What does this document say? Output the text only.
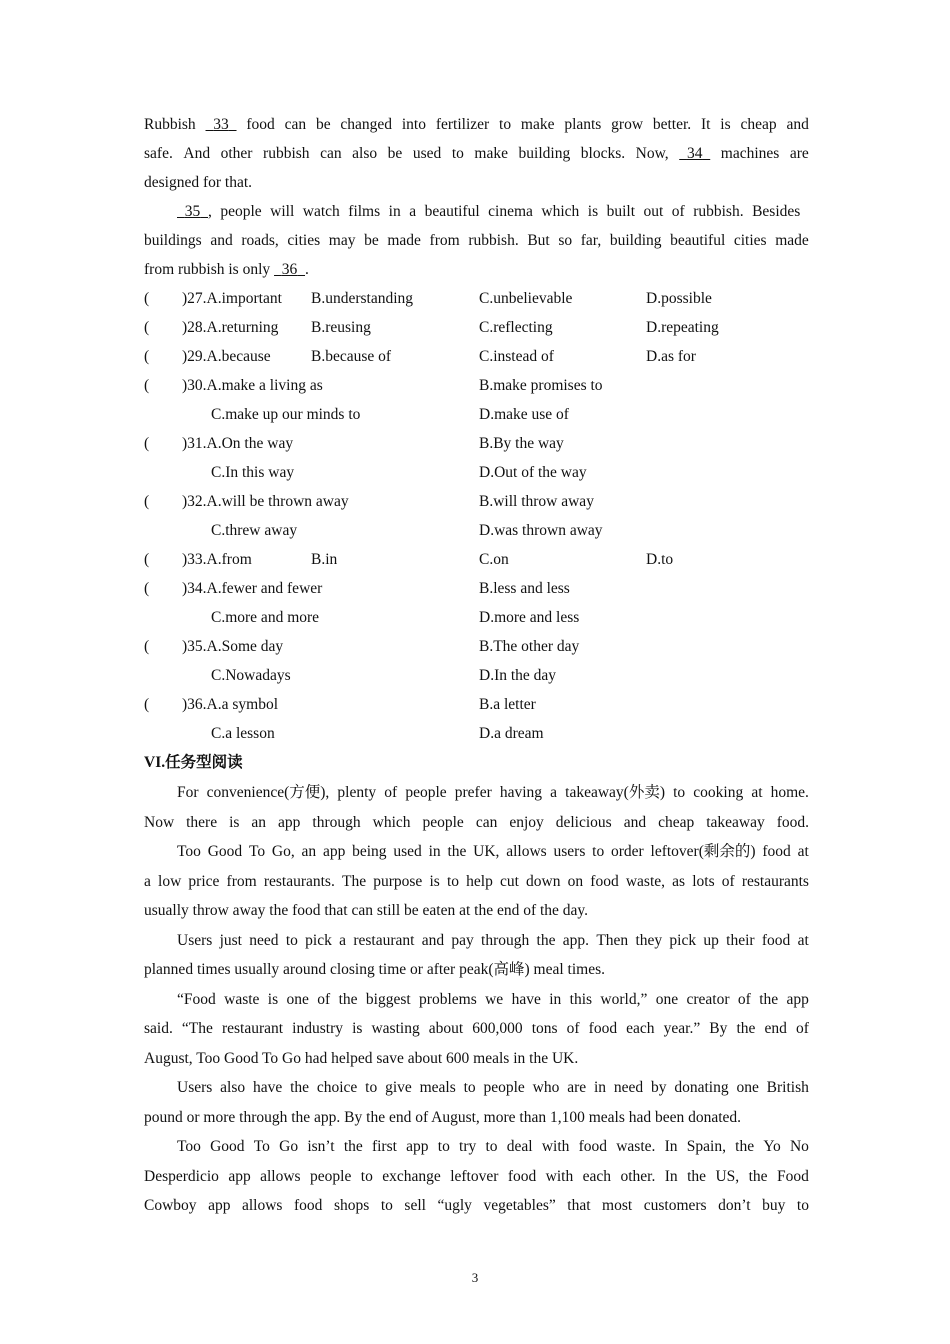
Rubbish	33	food can be changed into fertilizer to make plants grow better. It is cheap and
safe. And other rubbish can also be used to make building blocks. Now,	34	machines are
designed for that.
35 , people will watch films in a beautiful cinema which is built out of rubbish. Besides
buildings and roads, cities may be made from rubbish. But so far, building beautiful cities made
from rubbish is only 36 .
( )27.A.important B.understanding	C.unbelievable	D.possible
( )28.A.returning B.reusing	C.reflecting	D.repeating
( )29.A.because	B.because of	C.instead of	D.as for
( )30.A.make a living as	B.make promises to
C.make up our minds to	D.make use of
( )31.A.On the way	B.By the way
C.In this way	D.Out of the way
( )32.A.will be thrown away	B.will throw away
C.threw away	D.was thrown away
( )33.A.from	B.in	C.on	D.to
( )34.A.fewer and fewer	B.less and less
C.more and more	D.more and less
( )35.A.Some day	B.The other day
C.Nowadays	D.In the day
( )36.A.a symbol	B.a letter
C.a lesson	D.a dream
VI.任务型阅读
For convenience(方便), plenty of people prefer having a takeaway(外卖) to cooking at home.
Now there is an app through which people can enjoy delicious and cheap takeaway food.
Too Good To Go, an app being used in the UK, allows users to order leftover(剩余的) food at
a low price from restaurants. The purpose is to help cut down on food waste, as lots of restaurants
usually throw away the food that can still be eaten at the end of the day.
Users just need to pick a restaurant and pay through the app. Then they pick up their food at
planned times usually around closing time or after peak(高峰) meal times.
“Food waste is one of the biggest problems we have in this world,” one creator of the app
said. “The restaurant industry is wasting about 600,000 tons of food each year.” By the end of
August, Too Good To Go had helped save about 600 meals in the UK.
Users also have the choice to give meals to people who are in need by donating one British
pound or more through the app. By the end of August, more than 1,100 meals had been donated.
Too Good To Go isn’t the first app to try to deal with food waste. In Spain, the Yo No
Desperdicio app allows people to exchange leftover food with each other. In the US, the Food
Cowboy app allows food shops to sell “ugly vegetables” that most customers don’t buy to
3
